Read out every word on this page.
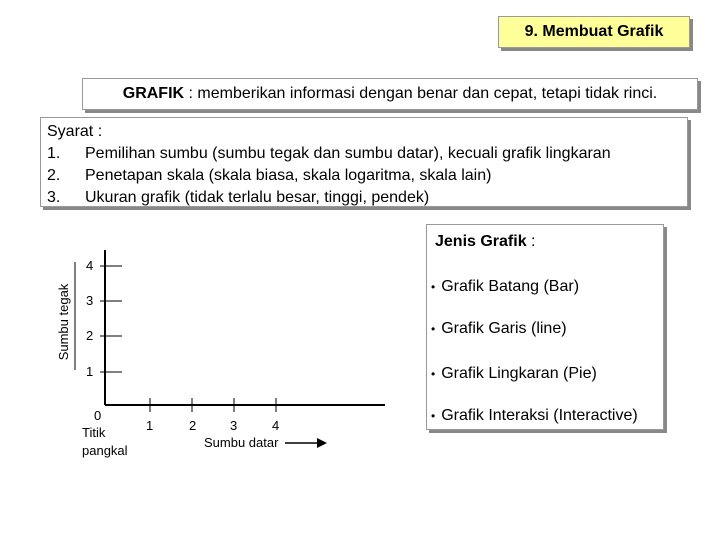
9. Membuat Grafik
GRAFIK : memberikan informasi dengan benar dan cepat, tetapi tidak rinci.
Syarat :
1.	Pemilihan sumbu (sumbu tegak dan sumbu datar), kecuali grafik lingkaran
2.	Penetapan skala (skala biasa, skala logaritma, skala lain)
3.	Ukuran grafik (tidak terlalu besar, tinggi, pendek)
Sumbu tegak
4
3
2
1
1	2	3	4
0
Titik
pangkal
Sumbu datar
Jenis Grafik :
• Grafik Batang (Bar)
• Grafik Garis (line)
• Grafik Lingkaran (Pie)
• Grafik Interaksi (Interactive)
